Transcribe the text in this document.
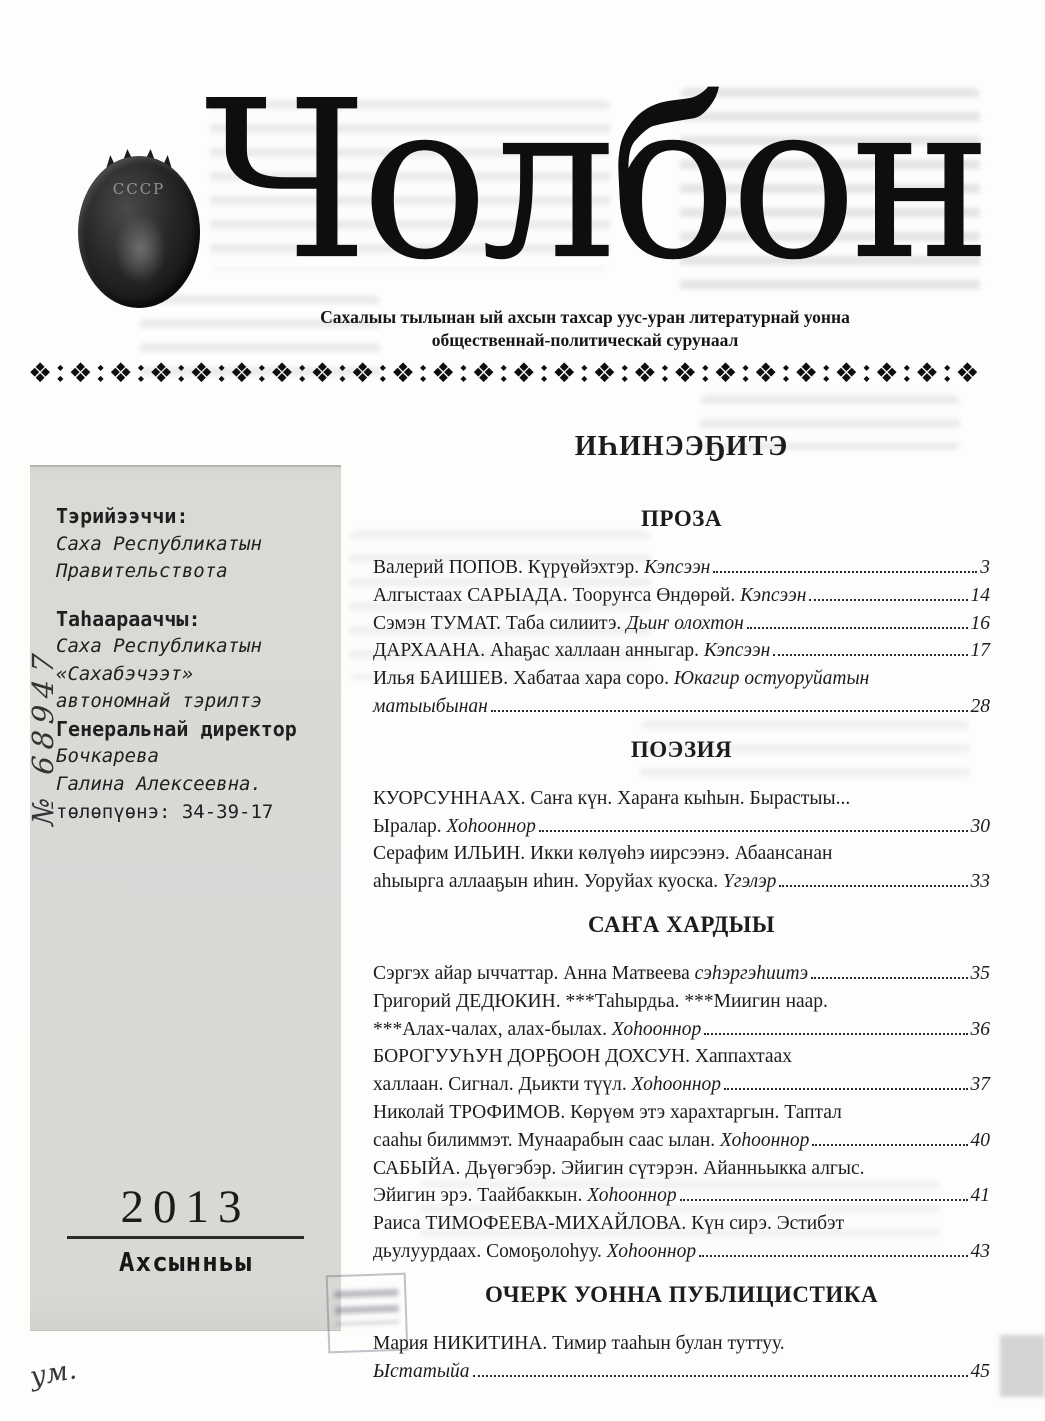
СССР Чолбон

Сахалыы тылынан ый ахсын тахсар уус-уран литературнай уонна
общественнай-политическай сурунаал

❖ ◆
◆ ❖ ◆
◆ ❖ ◆
◆ ❖ ◆
◆ ❖ ◆
◆ ❖ ◆
◆ ❖ ◆
◆ ❖ ◆
◆ ❖ ◆
◆ ❖ ◆
◆ ❖ ◆
◆ ❖ ◆
◆ ❖ ◆
◆ ❖ ◆
◆ ❖ ◆
◆ ❖ ◆
◆ ❖ ◆
◆ ❖ ◆
◆ ❖ ◆
◆ ❖ ◆
◆ ❖ ◆
◆ ❖ ◆
◆ ❖ ◆
◆ ❖

Тэрийээччи:

Саха Республикатын
Правительствота

Таһаарааччы:

Саха Республикатын
«Сахабэчээт»
автономнай тэрилтэ

Генеральнай директор

Бочкарева
Галина Алексеевна.
төлөпүөнэ: 34-39-17
2013
Ахсынньы
ИҺИНЭЭҔИТЭ
ПРОЗА
Валерий ПОПОВ. Күрүөйэхтэр. Кэпсээн	3
Алгыстаах САРЫАДА. Тооруҥса Өндөрөй. Кэпсээн	14
Сэмэн ТУМАТ. Таба силиитэ. Дьиҥ олохтон	16
ДАРХААНА. Аһаҕас халлаан анныгар. Кэпсээн	17
Илья БАИШЕВ. Хабатаа хара соро. Юкагир остуоруйатын
матыыбынан	28
ПОЭЗИЯ
КУОРСУННААХ. Саҥа күн. Хараҥа кыһын. Бырастыы...
Ыралар. Хоһооннор	30
Серафим ИЛЬИН. Икки көлүөһэ иирсээнэ. Абаансанан
аһыырга аллааҕын иһин. Уоруйах куоска. Үгэлэр	33
САҤА ХАРДЫЫ
Сэргэх айар ыччаттар. Анна Матвеева сэһэргэһиитэ	35
Григорий ДЕДЮКИН. ***Таһырдьа. ***Миигин наар.
***Алах-чалах, алах-былах. Хоһооннор	36
БОРОГУУҺУН ДОРҔООН ДОХСУН. Хаппахтаах
халлаан. Сигнал. Дьикти түүл. Хоһооннор	37
Николай ТРОФИМОВ. Көрүөм этэ харахтаргын. Таптал
сааһы билиммэт. Мунаарабын саас ылан. Хоһооннор	40
САБЫЙА. Дьүөгэбэр. Эйигин сүтэрэн. Айанньыкка алгыс.
Эйигин эрэ. Таайбаккын. Хоһооннор	41
Раиса ТИМОФЕЕВА-МИХАЙЛОВА. Күн сирэ. Эстибэт
дьулуурдаах. Сомоҕолоһуу. Хоһооннор	43
ОЧЕРК УОННА ПУБЛИЦИСТИКА
Мария НИКИТИНА. Тимир тааһын булан туттуу.
Ыстатыйа	45
№ 68947
ум.
